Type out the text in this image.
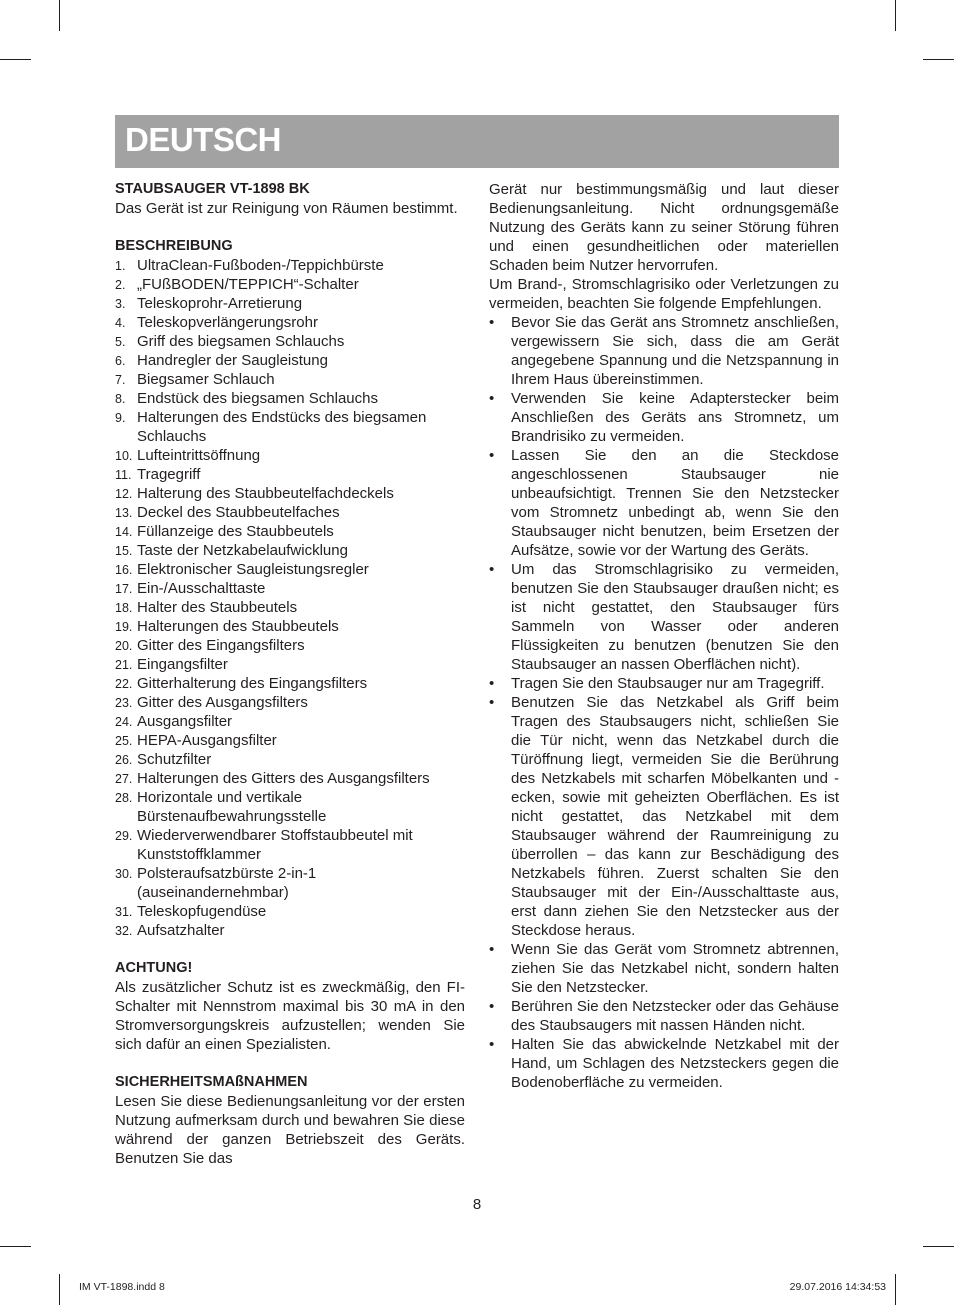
DEUTSCH
STAUBSAUGER VT-1898 BK
Das Gerät ist zur Reinigung von Räumen bestimmt.
BESCHREIBUNG
1. UltraClean-Fußboden-/Teppichbürste
2. „FUßBODEN/TEPPICH“-Schalter
3. Teleskoprohr-Arretierung
4. Teleskopverlängerungsrohr
5. Griff des biegsamen Schlauchs
6. Handregler der Saugleistung
7. Biegsamer Schlauch
8. Endstück des biegsamen Schlauchs
9. Halterungen des Endstücks des biegsamen Schlauchs
10. Lufteintrittsöffnung
11. Tragegriff
12. Halterung des Staubbeutelfachdeckels
13. Deckel des Staubbeutelfaches
14. Füllanzeige des Staubbeutels
15. Taste der Netzkabelaufwicklung
16. Elektronischer Saugleistungsregler
17. Ein-/Ausschalttaste
18. Halter des Staubbeutels
19. Halterungen des Staubbeutels
20. Gitter des Eingangsfilters
21. Eingangsfilter
22. Gitterhalterung des Eingangsfilters
23. Gitter des Ausgangsfilters
24. Ausgangsfilter
25. HEPA-Ausgangsfilter
26. Schutzfilter
27. Halterungen des Gitters des Ausgangsfilters
28. Horizontale und vertikale Bürstenaufbewahrungsstelle
29. Wiederverwendbarer Stoffstaubbeutel mit Kunststoffklammer
30. Polsteraufsatzbürste 2-in-1 (auseinandernehmbar)
31. Teleskopfugendüse
32. Aufsatzhalter
ACHTUNG!
Als zusätzlicher Schutz ist es zweckmäßig, den FI-Schalter mit Nennstrom maximal bis 30 mA in den Stromversorgungskreis aufzustellen; wenden Sie sich dafür an einen Spezialisten.
SICHERHEITSMAßNAHMEN
Lesen Sie diese Bedienungsanleitung vor der ersten Nutzung aufmerksam durch und bewahren Sie diese während der ganzen Betriebszeit des Geräts. Benutzen Sie das
Gerät nur bestimmungsmäßig und laut dieser Bedienungsanleitung. Nicht ordnungsgemäße Nutzung des Geräts kann zu seiner Störung führen und einen gesundheitlichen oder materiellen Schaden beim Nutzer hervorrufen.
Um Brand-, Stromschlagrisiko oder Verletzungen zu vermeiden, beachten Sie folgende Empfehlungen.
• Bevor Sie das Gerät ans Stromnetz anschließen, vergewissern Sie sich, dass die am Gerät angegebene Spannung und die Netzspannung in Ihrem Haus übereinstimmen.
• Verwenden Sie keine Adapterstecker beim Anschließen des Geräts ans Stromnetz, um Brandrisiko zu vermeiden.
• Lassen Sie den an die Steckdose angeschlossenen Staubsauger nie unbeaufsichtigt. Trennen Sie den Netzstecker vom Stromnetz unbedingt ab, wenn Sie den Staubsauger nicht benutzen, beim Ersetzen der Aufsätze, sowie vor der Wartung des Geräts.
• Um das Stromschlagrisiko zu vermeiden, benutzen Sie den Staubsauger draußen nicht; es ist nicht gestattet, den Staubsauger fürs Sammeln von Wasser oder anderen Flüssigkeiten zu benutzen (benutzen Sie den Staubsauger an nassen Oberflächen nicht).
• Tragen Sie den Staubsauger nur am Tragegriff.
• Benutzen Sie das Netzkabel als Griff beim Tragen des Staubsaugers nicht, schließen Sie die Tür nicht, wenn das Netzkabel durch die Türöffnung liegt, vermeiden Sie die Berührung des Netzkabels mit scharfen Möbelkanten und -ecken, sowie mit geheizten Oberflächen. Es ist nicht gestattet, das Netzkabel mit dem Staubsauger während der Raumreinigung zu überrollen – das kann zur Beschädigung des Netzkabels führen. Zuerst schalten Sie den Staubsauger mit der Ein-/Ausschalttaste aus, erst dann ziehen Sie den Netzstecker aus der Steckdose heraus.
• Wenn Sie das Gerät vom Stromnetz abtrennen, ziehen Sie das Netzkabel nicht, sondern halten Sie den Netzstecker.
• Berühren Sie den Netzstecker oder das Gehäuse des Staubsaugers mit nassen Händen nicht.
• Halten Sie das abwickelnde Netzkabel mit der Hand, um Schlagen des Netzsteckers gegen die Bodenoberfläche zu vermeiden.
8
IM VT-1898.indd 8	29.07.2016 14:34:53
